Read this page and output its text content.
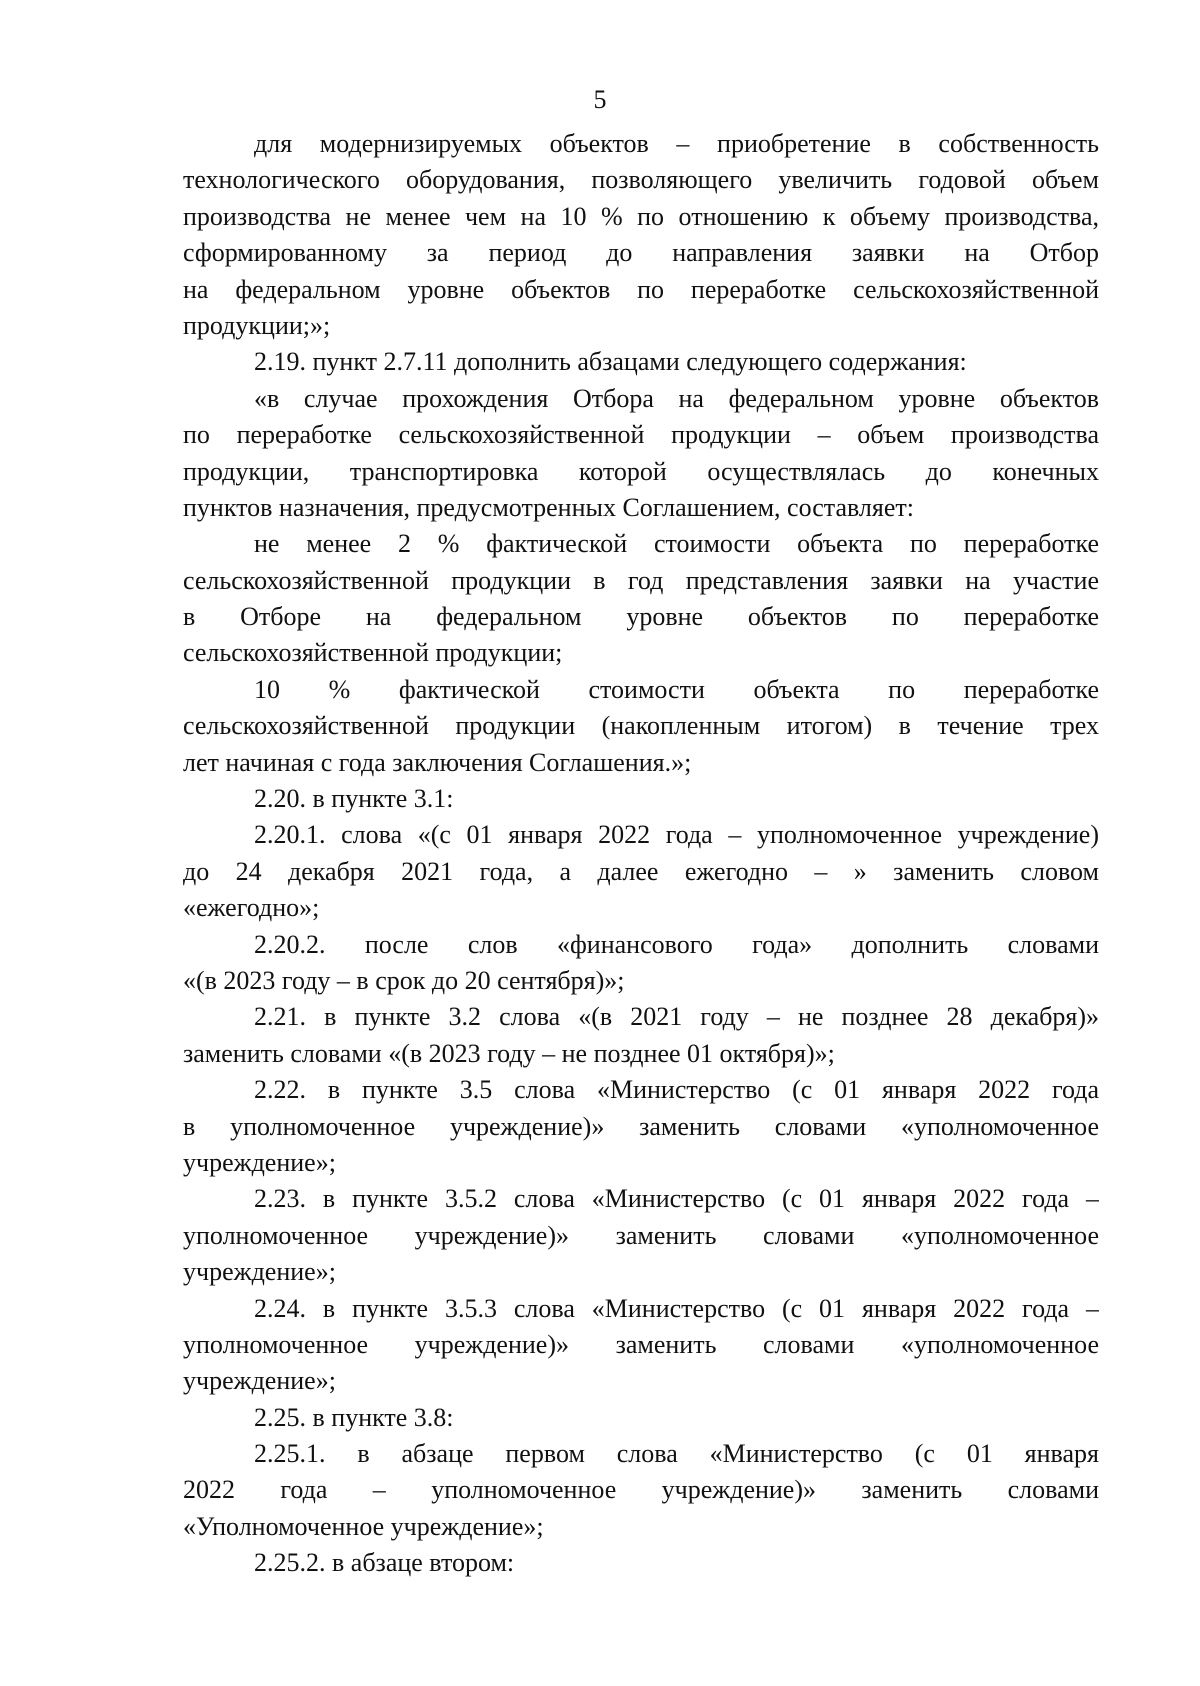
5
для модернизируемых объектов – приобретение в собственность
технологического оборудования, позволяющего увеличить годовой объем
производства не менее чем на 10 % по отношению к объему производства,
сформированному за период до направления заявки на Отбор
на федеральном уровне объектов по переработке сельскохозяйственной
продукции;»;
2.19. пункт 2.7.11 дополнить абзацами следующего содержания:
«в случае прохождения Отбора на федеральном уровне объектов
по переработке сельскохозяйственной продукции – объем производства
продукции, транспортировка которой осуществлялась до конечных
пунктов назначения, предусмотренных Соглашением, составляет:
не менее 2 % фактической стоимости объекта по переработке
сельскохозяйственной продукции в год представления заявки на участие
в Отборе на федеральном уровне объектов по переработке
сельскохозяйственной продукции;
10 % фактической стоимости объекта по переработке
сельскохозяйственной продукции (накопленным итогом) в течение трех
лет начиная с года заключения Соглашения.»;
2.20. в пункте 3.1:
2.20.1. слова «(с 01 января 2022 года – уполномоченное учреждение)
до 24 декабря 2021 года, а далее ежегодно – » заменить словом
«ежегодно»;
2.20.2. после слов «финансового года» дополнить словами
«(в 2023 году – в срок до 20 сентября)»;
2.21. в пункте 3.2 слова «(в 2021 году – не позднее 28 декабря)»
заменить словами «(в 2023 году – не позднее 01 октября)»;
2.22. в пункте 3.5 слова «Министерство (с 01 января 2022 года
в уполномоченное учреждение)» заменить словами «уполномоченное
учреждение»;
2.23. в пункте 3.5.2 слова «Министерство (с 01 января 2022 года –
уполномоченное учреждение)» заменить словами «уполномоченное
учреждение»;
2.24. в пункте 3.5.3 слова «Министерство (с 01 января 2022 года –
уполномоченное учреждение)» заменить словами «уполномоченное
учреждение»;
2.25. в пункте 3.8:
2.25.1. в абзаце первом слова «Министерство (с 01 января
2022 года – уполномоченное учреждение)» заменить словами
«Уполномоченное учреждение»;
2.25.2. в абзаце втором:
